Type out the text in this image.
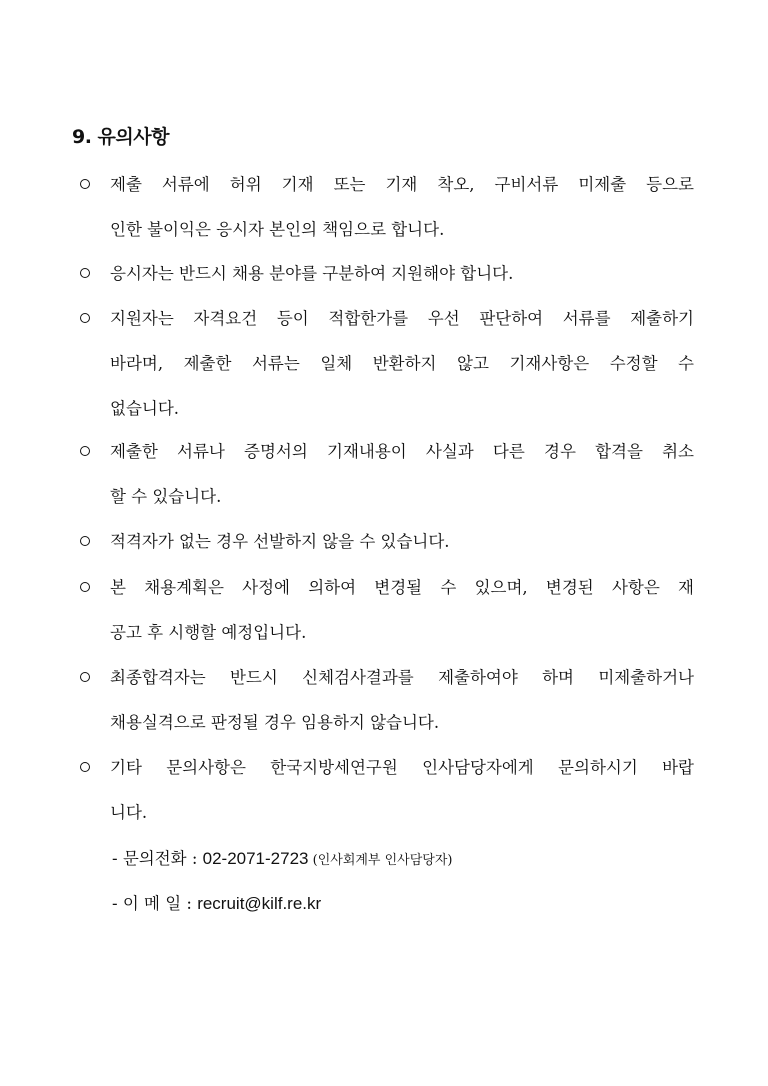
9. 유의사항
제출 서류에 허위 기재 또는 기재 착오, 구비서류 미제출 등으로
인한 불이익은 응시자 본인의 책임으로 합니다.
응시자는 반드시 채용 분야를 구분하여 지원해야 합니다.
지원자는 자격요건 등이 적합한가를 우선 판단하여 서류를 제출하기
바라며, 제출한 서류는 일체 반환하지 않고 기재사항은 수정할 수
없습니다.
제출한 서류나 증명서의 기재내용이 사실과 다른 경우 합격을 취소
할 수 있습니다.
적격자가 없는 경우 선발하지 않을 수 있습니다.
본 채용계획은 사정에 의하여 변경될 수 있으며, 변경된 사항은 재
공고 후 시행할 예정입니다.
최종합격자는 반드시 신체검사결과를 제출하여야 하며 미제출하거나
채용실격으로 판정될 경우 임용하지 않습니다.
기타 문의사항은 한국지방세연구원 인사담당자에게 문의하시기 바랍
니다.
- 문의전화 : 02-2071-2723 (인사회계부 인사담당자)
- 이 메 일 : recruit@kilf.re.kr
